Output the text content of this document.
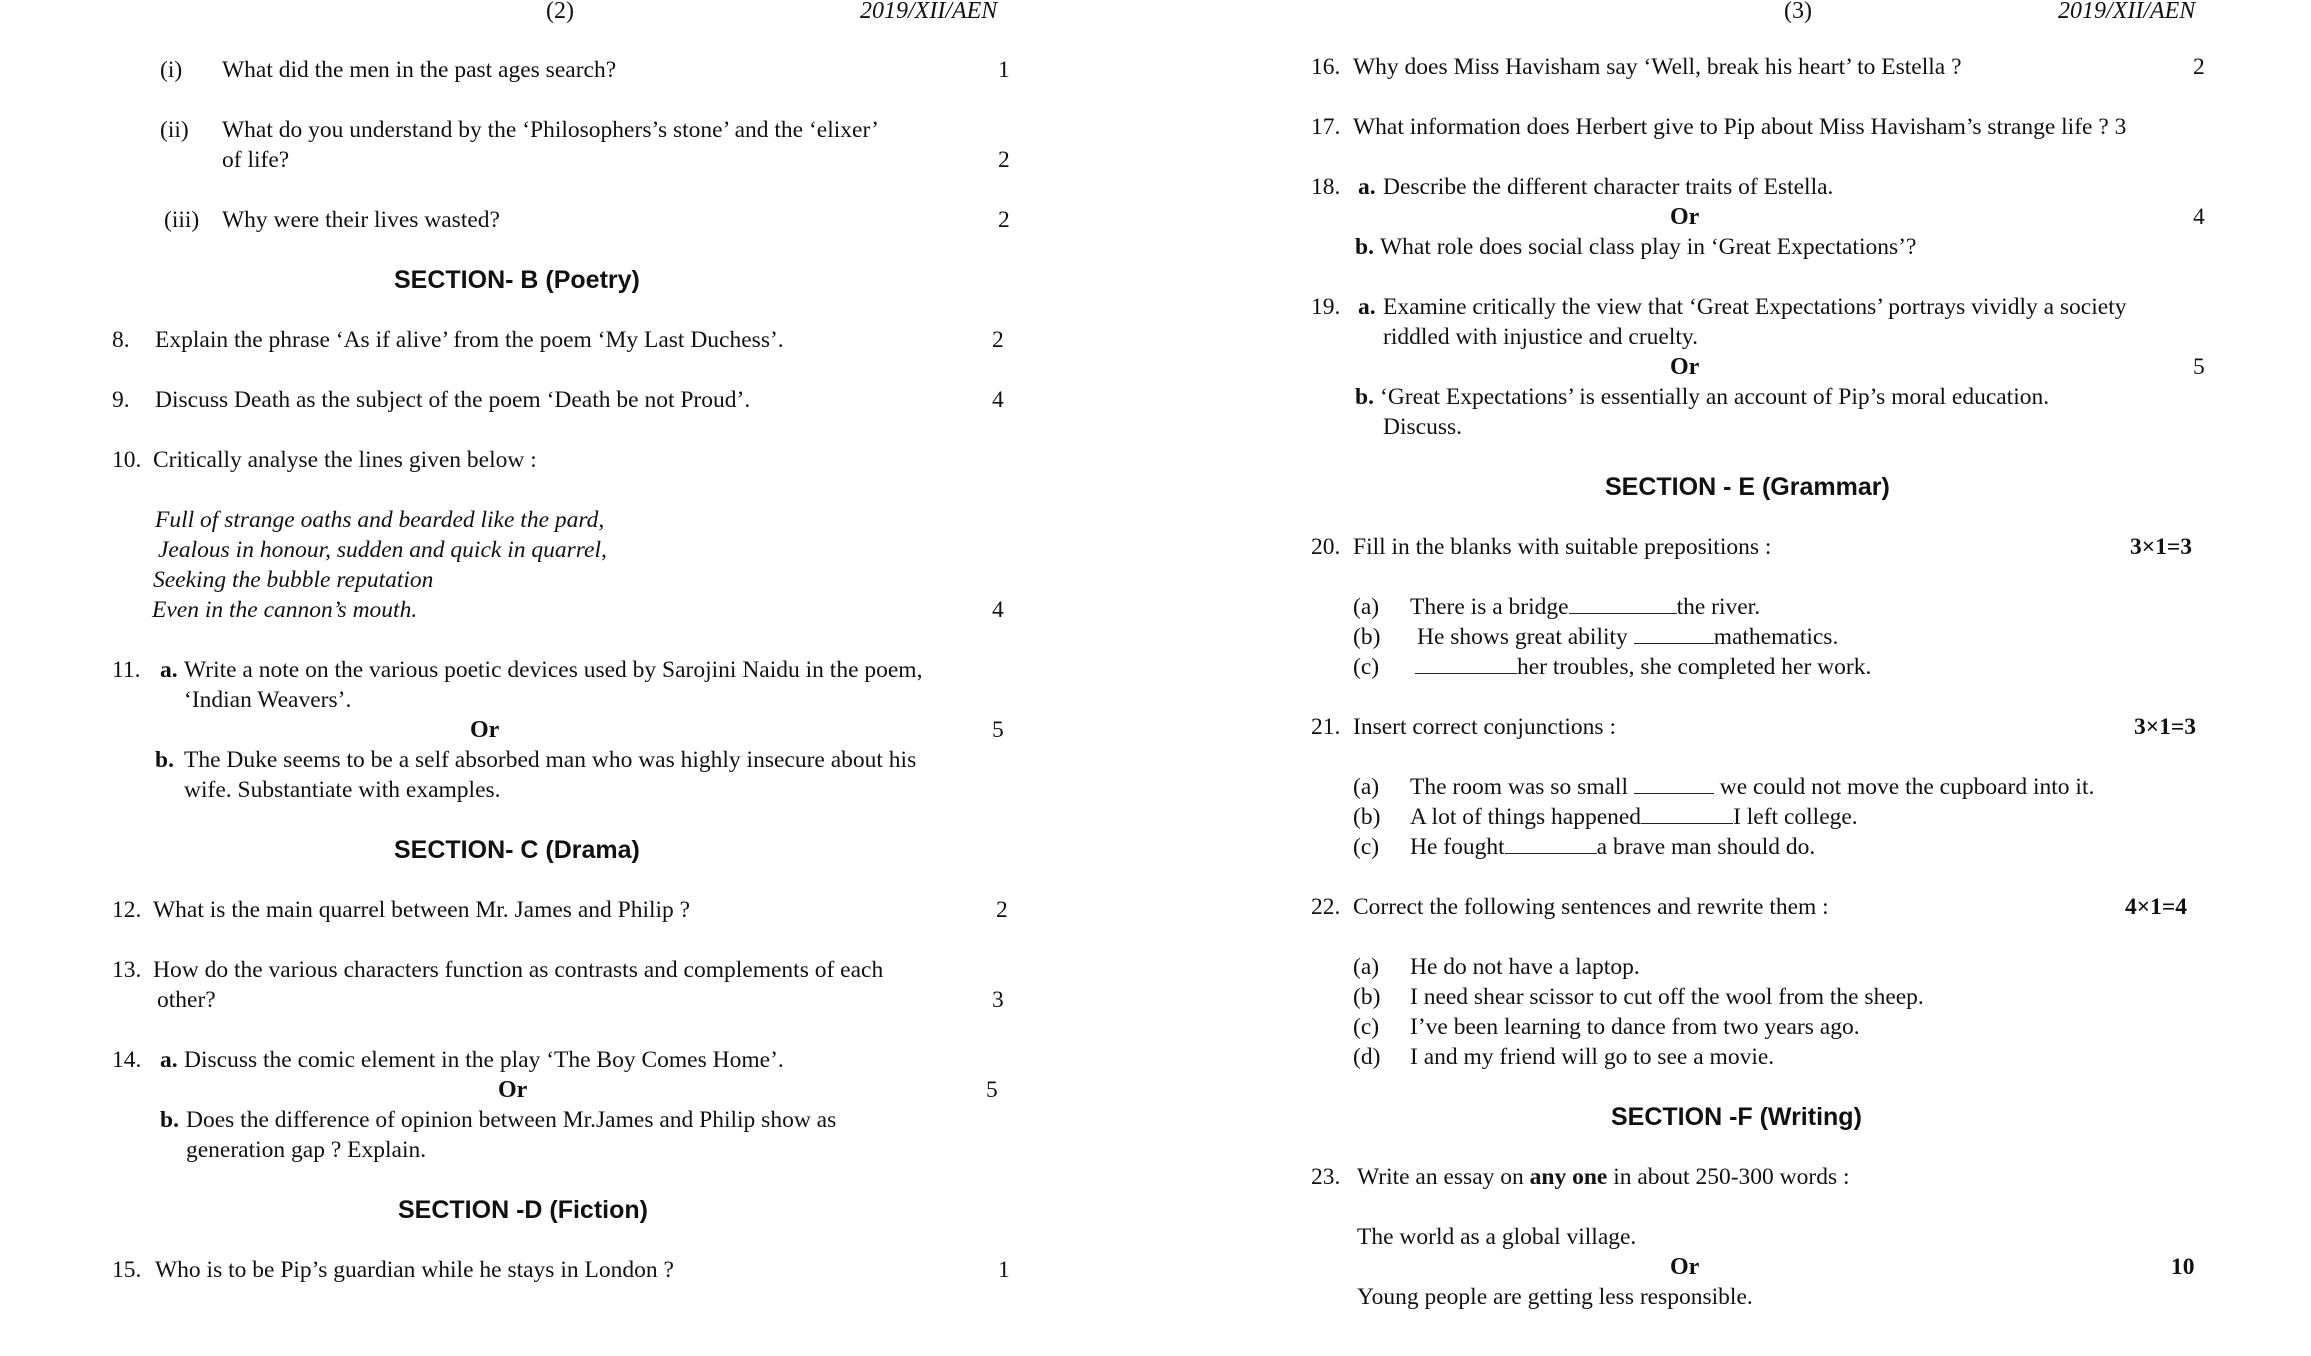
(2)	2019/XII/AEN
(i) What did the men in the past ages search?	1
(ii) What do you understand by the ‘Philosophers’s stone’ and the ‘elixer’
of life?	2
(iii) Why were their lives wasted?	2
SECTION- B (Poetry)
8. Explain the phrase ‘As if alive’ from the poem ‘My Last Duchess’.	2
9. Discuss Death as the subject of the poem ‘Death be not Proud’.	4
10. Critically analyse the lines given below :
Full of strange oaths and bearded like the pard,
Jealous in honour, sudden and quick in quarrel,
Seeking the bubble reputation
Even in the cannon’s mouth.	4
11. a. Write a note on the various poetic devices used by Sarojini Naidu in the poem,
‘Indian Weavers’.
Or	5
b. The Duke seems to be a self absorbed man who was highly insecure about his
wife. Substantiate with examples.
SECTION- C (Drama)
12. What is the main quarrel between Mr. James and Philip ?	2
13. How do the various characters function as contrasts and complements of each
other?	3
14. a. Discuss the comic element in the play ‘The Boy Comes Home’.
Or	5
b. Does the difference of opinion between Mr.James and Philip show as
generation gap ? Explain.
SECTION -D (Fiction)
15. Who is to be Pip’s guardian while he stays in London ?	1
(3)	2019/XII/AEN
16. Why does Miss Havisham say ‘Well, break his heart’ to Estella ?	2
17. What information does Herbert give to Pip about Miss Havisham’s strange life ? 3
18. a. Describe the different character traits of Estella.
Or	4
b. What role does social class play in ‘Great Expectations’?
19. a. Examine critically the view that ‘Great Expectations’ portrays vividly a society
riddled with injustice and cruelty.
Or	5
b. ‘Great Expectations’ is essentially an account of Pip’s moral education.
Discuss.
SECTION - E (Grammar)
20. Fill in the blanks with suitable prepositions :	3×1=3
(a) There is a bridge	the river.
(b) He shows great ability	mathematics.
(c)	her troubles, she completed her work.
21. Insert correct conjunctions :	3×1=3
(a) The room was so small	we could not move the cupboard into it.
(b) A lot of things happened	I left college.
(c) He fought	a brave man should do.
22. Correct the following sentences and rewrite them :	4×1=4
(a) He do not have a laptop.
(b) I need shear scissor to cut off the wool from the sheep.
(c) I’ve been learning to dance from two years ago.
(d) I and my friend will go to see a movie.
SECTION -F (Writing)
23. Write an essay on any one in about 250-300 words :
The world as a global village.
Or	10
Young people are getting less responsible.
